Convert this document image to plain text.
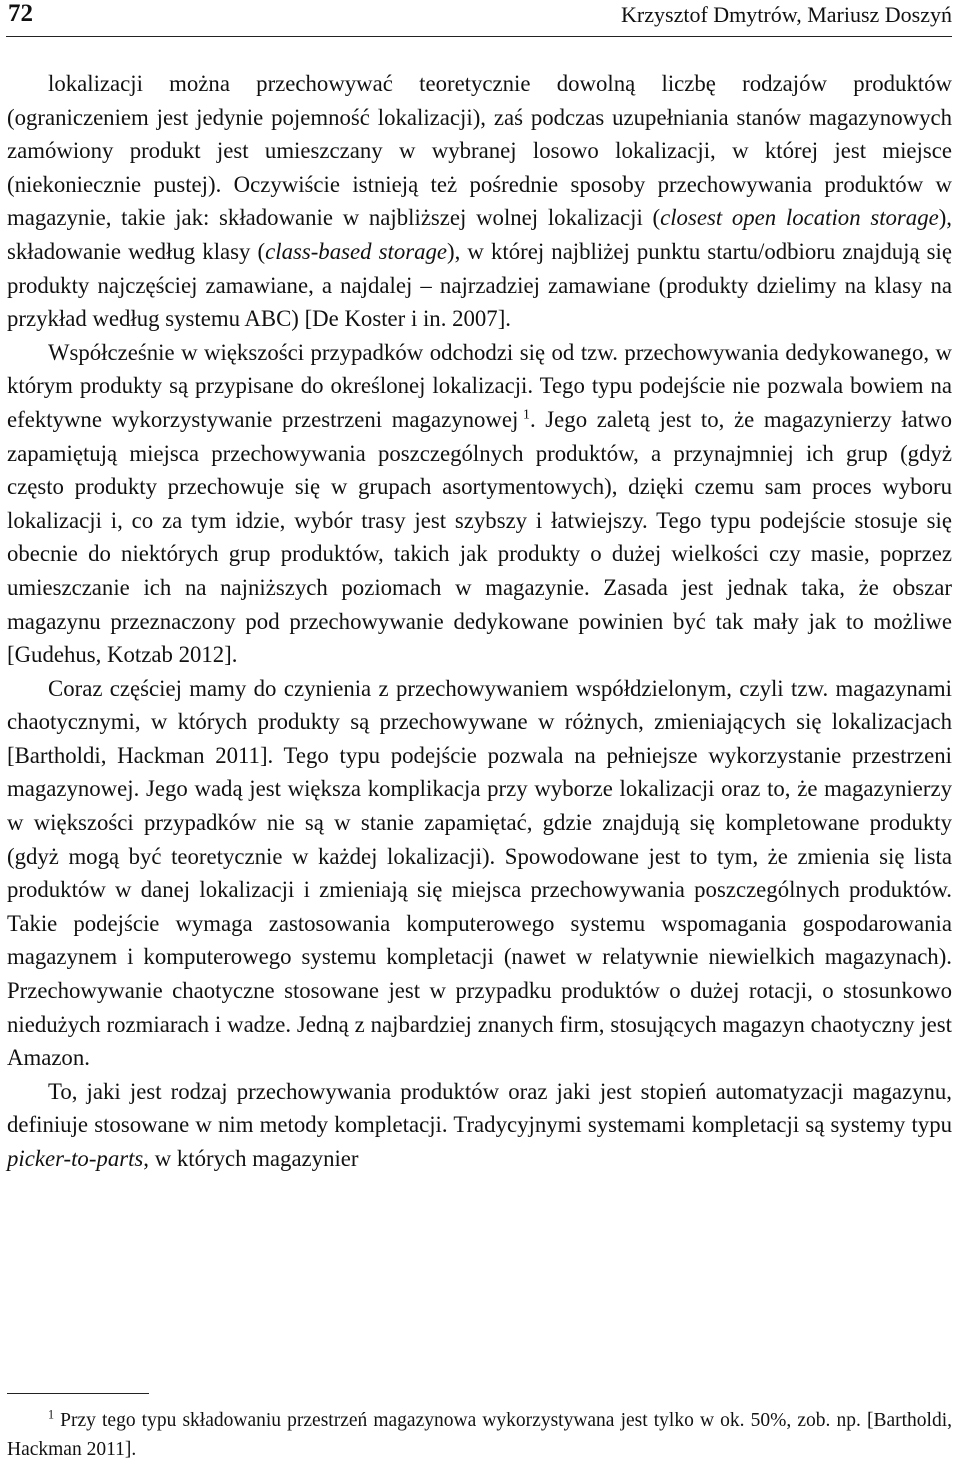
72	Krzysztof Dmytrów, Mariusz Doszyń

lokalizacji można przechowywać teoretycznie dowolną liczbę rodzajów produktów (ograniczeniem jest jedynie pojemność lokalizacji), zaś podczas uzupełniania stanów magazynowych zamówiony produkt jest umieszczany w wybranej losowo lokalizacji, w której jest miejsce (niekoniecznie pustej). Oczywiście istnieją też pośrednie sposoby przechowywania produktów w magazynie, takie jak: składowanie w najbliższej wolnej lokalizacji (closest open location storage), składowanie według klasy (class-based storage), w której najbliżej punktu startu/odbioru znajdują się produkty najczęściej zamawiane, a najdalej – najrzadziej zamawiane (produkty dzielimy na klasy na przykład według systemu ABC) [De Koster i in. 2007].

Współcześnie w większości przypadków odchodzi się od tzw. przechowywania dedykowanego, w którym produkty są przypisane do określonej lokalizacji. Tego typu podejście nie pozwala bowiem na efektywne wykorzystywanie przestrzeni magazynowej  $^1$. Jego zaletą jest to, że magazynierzy łatwo zapamiętują miejsca przechowywania poszczególnych produktów, a przynajmniej ich grup (gdyż często produkty przechowuje się w grupach asortymentowych), dzięki czemu sam proces wyboru lokalizacji i, co za tym idzie, wybór trasy jest szybszy i łatwiejszy. Tego typu podejście stosuje się obecnie do niektórych grup produktów, takich jak produkty o dużej wielkości czy masie, poprzez umieszczanie ich na najniższych poziomach w magazynie. Zasada jest jednak taka, że obszar magazynu przeznaczony pod przechowywanie dedykowane powinien być tak mały jak to możliwe [Gudehus, Kotzab 2012].

Coraz częściej mamy do czynienia z przechowywaniem współdzielonym, czyli tzw. magazynami chaotycznymi, w których produkty są przechowywane w różnych, zmieniających się lokalizacjach [Bartholdi, Hackman 2011]. Tego typu podejście pozwala na pełniejsze wykorzystanie przestrzeni magazynowej. Jego wadą jest większa komplikacja przy wyborze lokalizacji oraz to, że magazynierzy w większości przypadków nie są w stanie zapamiętać, gdzie znajdują się kompletowane produkty (gdyż mogą być teoretycznie w każdej lokalizacji). Spowodowane jest to tym, że zmienia się lista produktów w danej lokalizacji i zmieniają się miejsca przechowywania poszczególnych produktów. Takie podejście wymaga zastosowania komputerowego systemu wspomagania gospodarowania magazynem i komputerowego systemu kompletacji (nawet w relatywnie niewielkich magazynach). Przechowywanie chaotyczne stosowane jest w przypadku produktów o dużej rotacji, o stosunkowo niedużych rozmiarach i wadze. Jedną z najbardziej znanych firm, stosujących magazyn chaotyczny jest Amazon.

To, jaki jest rodzaj przechowywania produktów oraz jaki jest stopień automatyzacji magazynu, definiuje stosowane w nim metody kompletacji. Tradycyjnymi systemami kompletacji są systemy typu picker-to-parts, w których magazynier

$^1$ Przy tego typu składowaniu przestrzeń magazynowa wykorzystywana jest tylko w ok. 50%, zob. np. [Bartholdi, Hackman 2011].
